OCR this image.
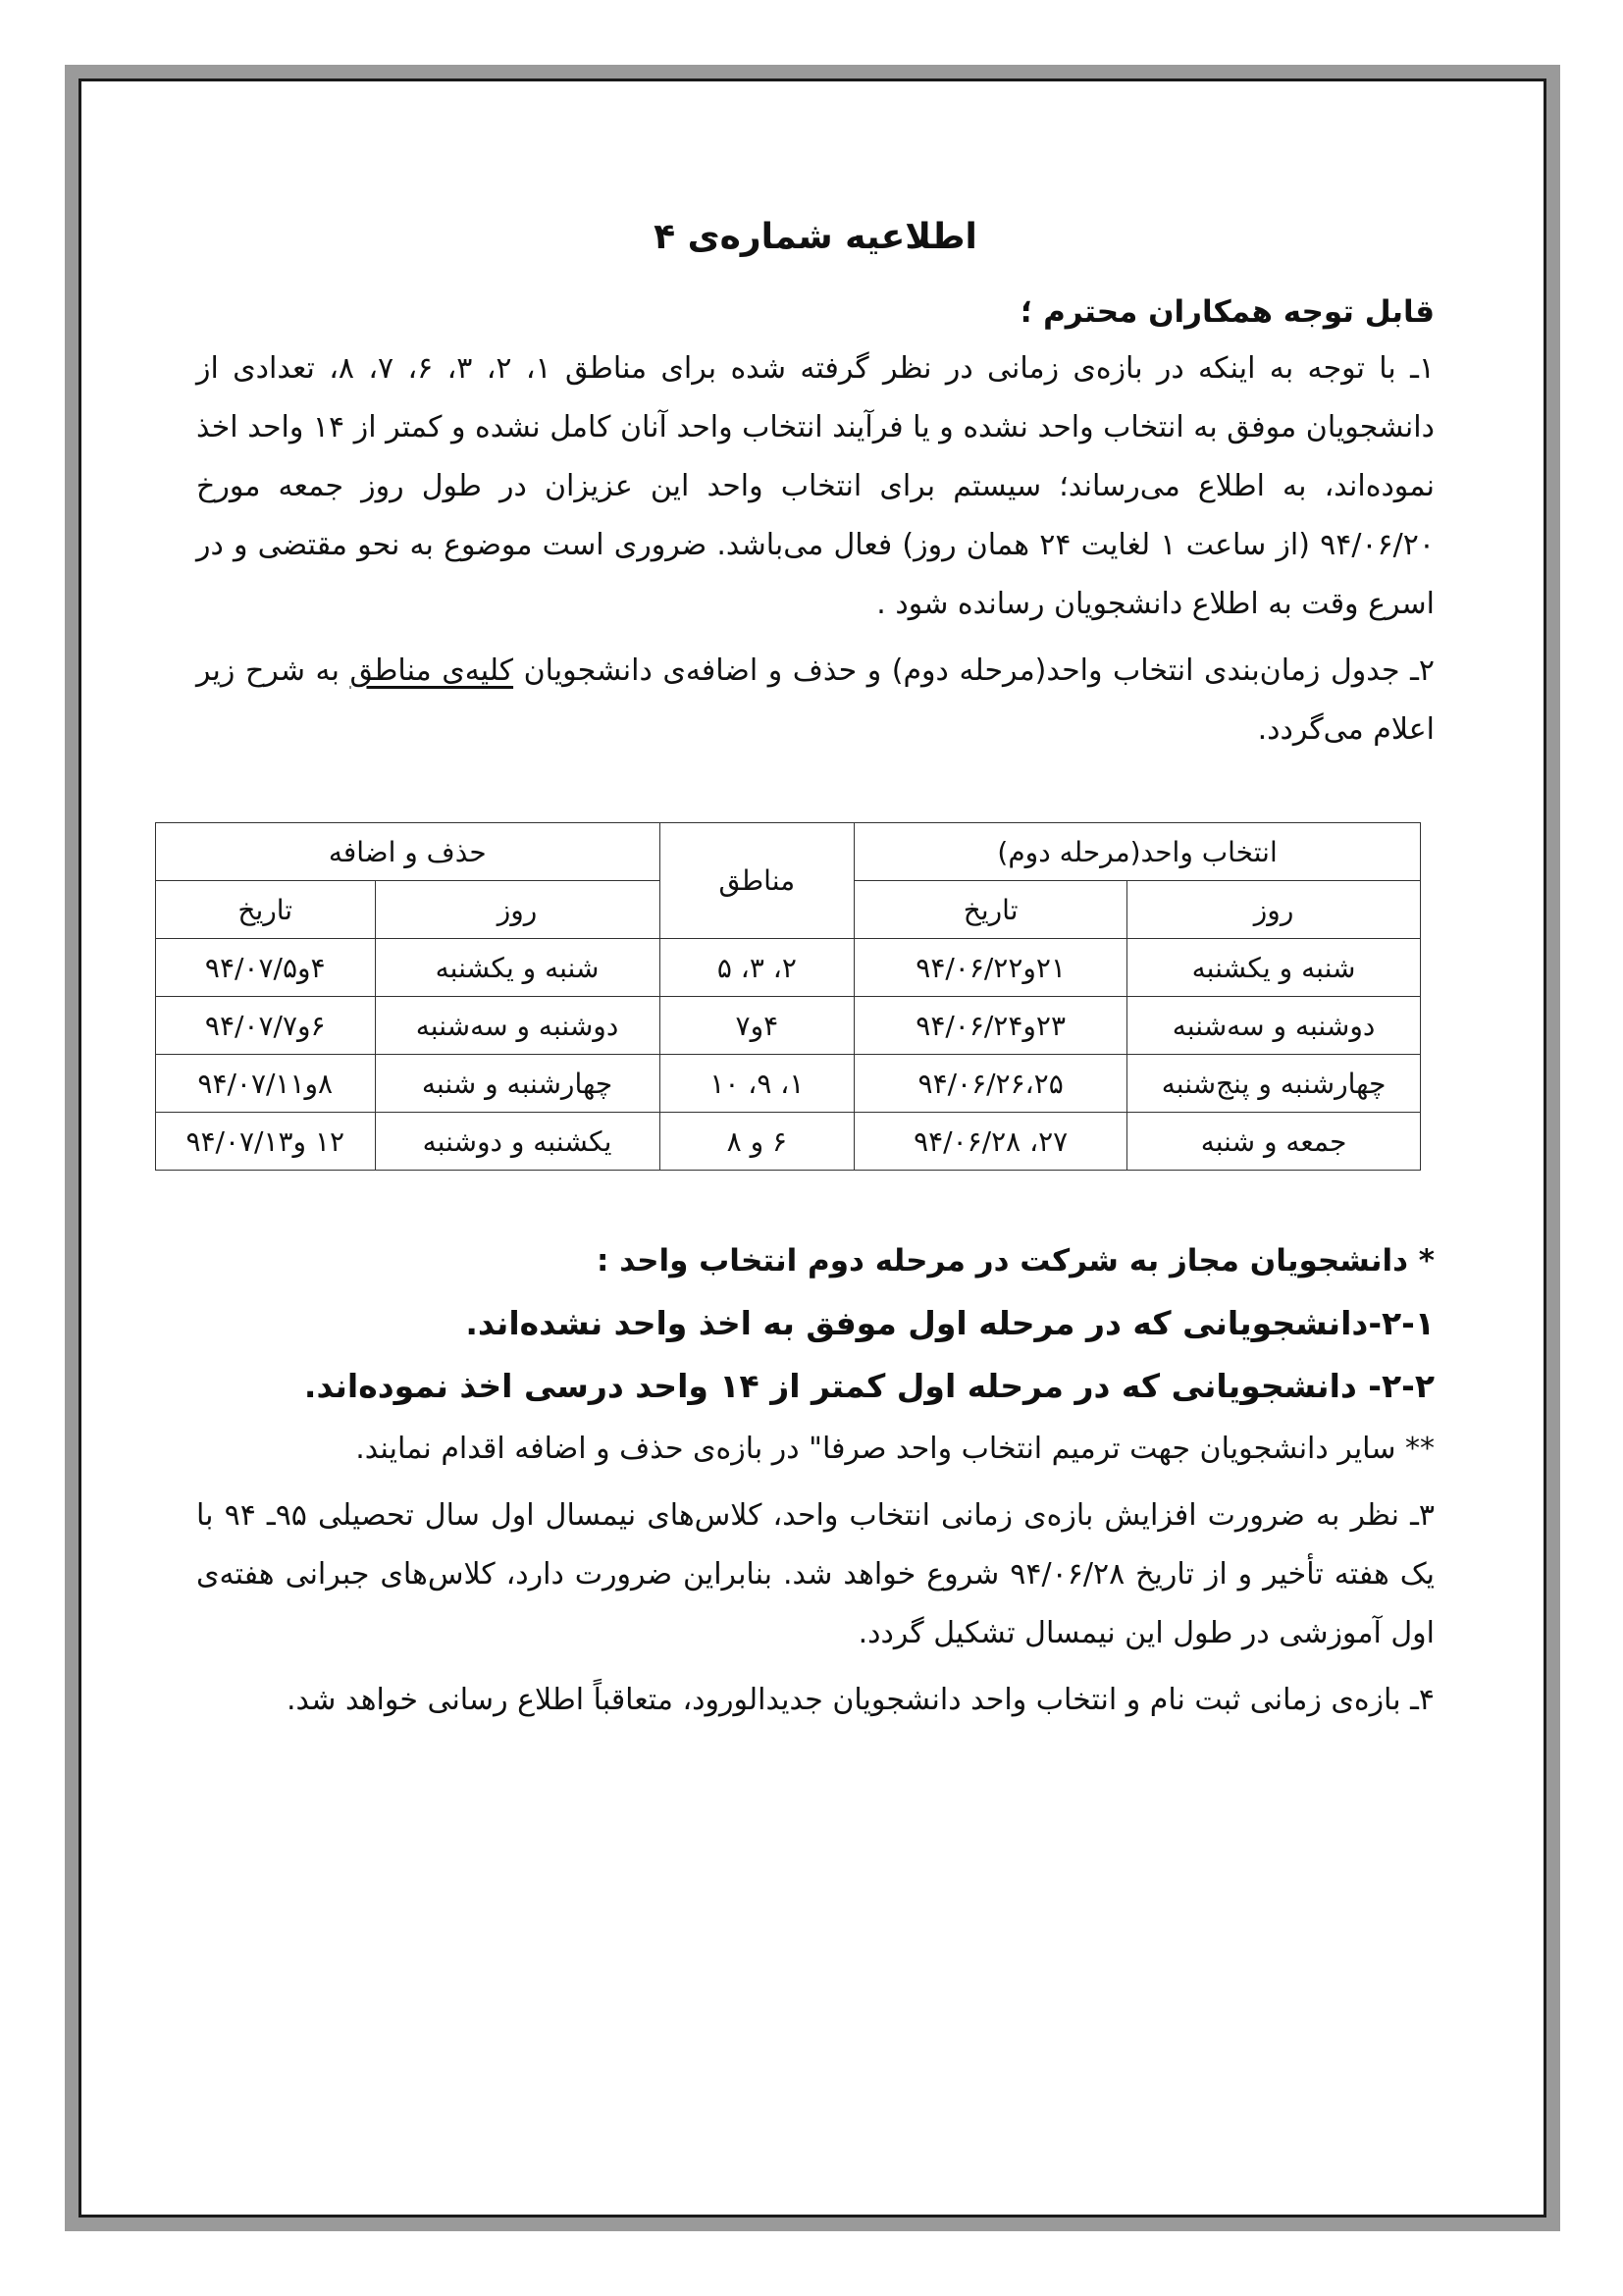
اطلاعیه شماره‌ی ۴

قابل توجه همکاران محترم ؛

۱ـ با توجه به اینکه در بازه‌ی زمانی در نظر گرفته شده برای مناطق ۱، ۲، ۳، ۶، ۷، ۸، تعدادی از دانشجویان موفق به انتخاب واحد نشده و یا فرآیند انتخاب واحد آنان کامل نشده و کمتر از ۱۴ واحد اخذ نموده‌اند، به اطلاع می‌رساند؛ سیستم برای انتخاب واحد این عزیزان در طول روز جمعه مورخ ۹۴/۰۶/۲۰ (از ساعت ۱ لغایت ۲۴ همان روز) فعال می‌باشد. ضروری است موضوع به نحو مقتضی و در اسرع وقت به اطلاع دانشجویان رسانده شود .

۲ـ جدول زمان‌بندی انتخاب واحد(مرحله دوم) و حذف و اضافه‌ی دانشجویان کلیه‌ی مناطق به شرح زیر اعلام می‌گردد.

انتخاب واحد(مرحله دوم)		مناطق	حذف و اضافه	
روز	تاریخ		روز	تاریخ
شنبه و یکشنبه	۲۱و۹۴/۰۶/۲۲	۲، ۳، ۵	شنبه و یکشنبه	۴و۹۴/۰۷/۵
دوشنبه و سه‌شنبه	۲۳و۹۴/۰۶/۲۴	۴و۷	دوشنبه و سه‌شنبه	۶و۹۴/۰۷/۷
چهارشنبه و پنج‌شنبه	۹۴/۰۶/۲۶،۲۵	۱، ۹، ۱۰	چهارشنبه و شنبه	۸و۹۴/۰۷/۱۱
جمعه و شنبه	۲۷، ۹۴/۰۶/۲۸	۶ و ۸	یکشنبه و دوشنبه	۱۲ و۹۴/۰۷/۱۳

* دانشجویان مجاز به شرکت در مرحله دوم انتخاب واحد :

۲-۱-دانشجویانی که در مرحله اول موفق به اخذ واحد نشده‌اند.

۲-۲- دانشجویانی که در مرحله اول کمتر از ۱۴ واحد درسی اخذ نموده‌اند.

** سایر دانشجویان جهت ترمیم انتخاب واحد صرفا" در بازه‌ی حذف و اضافه اقدام نمایند.

۳ـ نظر به ضرورت افزایش بازه‌ی زمانی انتخاب واحد، کلاس‌های نیمسال اول سال تحصیلی ۹۵ـ ۹۴ با یک هفته تأخیر و از تاریخ ۹۴/۰۶/۲۸ شروع خواهد شد. بنابراین ضرورت دارد، کلاس‌های جبرانی هفته‌ی اول آموزشی در طول این نیمسال تشکیل گردد.

۴ـ بازه‌ی زمانی ثبت نام و انتخاب واحد دانشجویان جدیدالورود، متعاقباً اطلاع رسانی خواهد شد.
